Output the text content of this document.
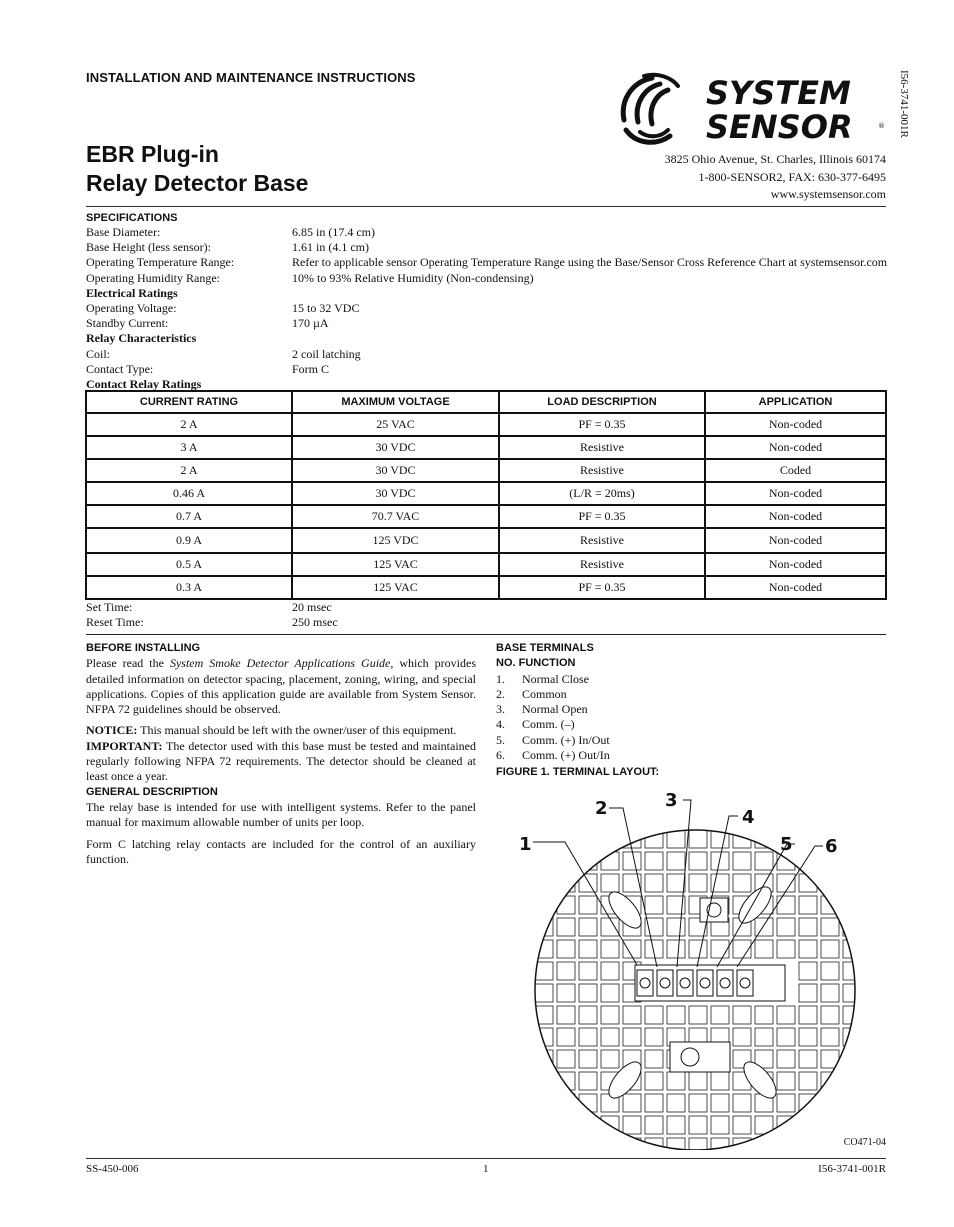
INSTALLATION AND MAINTENANCE INSTRUCTIONS
EBR Plug-in
Relay Detector Base
SYSTEM
SENSOR	® I56-3741-001R
3825 Ohio Avenue, St. Charles, Illinois 60174
1-800-SENSOR2, FAX: 630-377-6495
www.systemsensor.com
SPECIFICATIONS
Base Diameter:	6.85 in (17.4 cm)
Base Height (less sensor):	1.61 in (4.1 cm)
Operating Temperature Range:	Refer to applicable sensor Operating Temperature Range using the Base/Sensor Cross Reference Chart at systemsensor.com
Operating Humidity Range:	10% to 93% Relative Humidity (Non-condensing)
Electrical Ratings
Operating Voltage:	15 to 32 VDC
Standby Current:	170 µA
Relay Characteristics
Coil:	2 coil latching
Contact Type:	Form C
Contact Relay Ratings
CURRENT RATING	MAXIMUM VOLTAGE	LOAD DESCRIPTION	APPLICATION
2 A	25 VAC	PF = 0.35	Non-coded
3 A	30 VDC	Resistive	Non-coded
2 A	30 VDC	Resistive	Coded
0.46 A	30 VDC	(L/R = 20ms)	Non-coded
0.7 A	70.7 VAC	PF = 0.35	Non-coded
0.9 A	125 VDC	Resistive	Non-coded
0.5 A	125 VAC	Resistive	Non-coded
0.3 A	125 VAC	PF = 0.35	Non-coded
Set Time:	20 msec
Reset Time:	250 msec
BEFORE INSTALLING

Please read the System Smoke Detector Applications Guide, which provides detailed information on detector spacing, placement, zoning, wiring, and special applications. Copies of this application guide are available from System Sensor. NFPA 72 guidelines should be observed.

NOTICE: This manual should be left with the owner/user of this equipment.

IMPORTANT: The detector used with this base must be tested and maintained regularly following NFPA 72 requirements. The detector should be cleaned at least once a year.

GENERAL DESCRIPTION

The relay base is intended for use with intelligent systems. Refer to the panel manual for maximum allowable number of units per loop.

Form C latching relay contacts are included for the control of an auxiliary function.

BASE TERMINALS
NO. FUNCTION
1. Normal Close
2. Common
3. Normal Open
4. Comm. (–)
5. Comm. (+) In/Out
6. Comm. (+) Out/In
FIGURE 1. TERMINAL LAYOUT:
1
2	3
4
5 6
CO471-04
SS-450-006	1	I56-3741-001R
